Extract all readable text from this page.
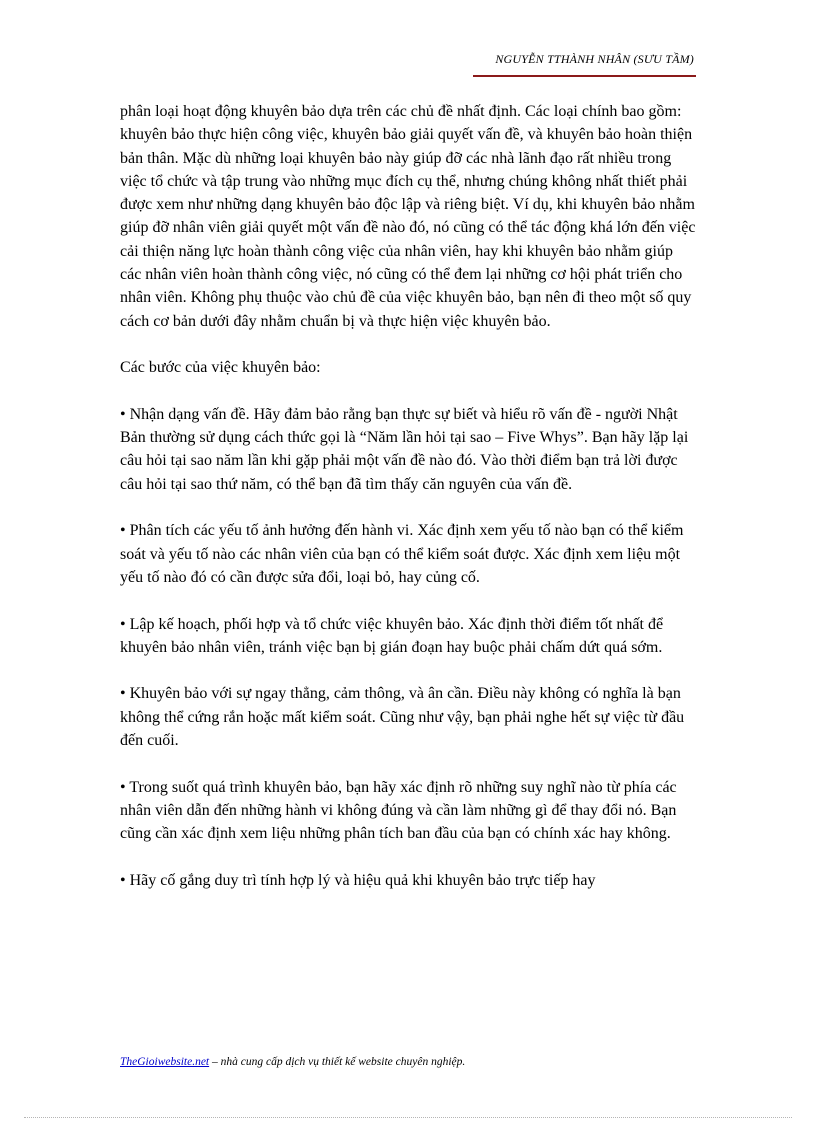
NGUYỄN TTHÀNH NHÂN (SƯU TẦM)

phân loại hoạt động khuyên bảo dựa trên các chủ đề nhất định. Các loại chính bao gồm: khuyên bảo thực hiện công việc, khuyên bảo giải quyết vấn đề, và khuyên bảo hoàn thiện bản thân. Mặc dù những loại khuyên bảo này giúp đỡ các nhà lãnh đạo rất nhiều trong việc tổ chức và tập trung vào những mục đích cụ thể, nhưng chúng không nhất thiết phải được xem như những dạng khuyên bảo độc lập và riêng biệt. Ví dụ, khi khuyên bảo nhằm giúp đỡ nhân viên giải quyết một vấn đề nào đó, nó cũng có thể tác động khá lớn đến việc cải thiện năng lực hoàn thành công việc của nhân viên, hay khi khuyên bảo nhằm giúp các nhân viên hoàn thành công việc, nó cũng có thể đem lại những cơ hội phát triển cho nhân viên. Không phụ thuộc vào chủ đề của việc khuyên bảo, bạn nên đi theo một số quy cách cơ bản dưới đây nhằm chuẩn bị và thực hiện việc khuyên bảo.

Các bước của việc khuyên bảo:

• Nhận dạng vấn đề. Hãy đảm bảo rằng bạn thực sự biết và hiểu rõ vấn đề - người Nhật Bản thường sử dụng cách thức gọi là “Năm lần hỏi tại sao – Five Whys”. Bạn hãy lặp lại câu hỏi tại sao năm lần khi gặp phải một vấn đề nào đó. Vào thời điểm bạn trả lời được câu hỏi tại sao thứ năm, có thể bạn đã tìm thấy căn nguyên của vấn đề.

• Phân tích các yếu tố ảnh hưởng đến hành vi. Xác định xem yếu tố nào bạn có thể kiểm soát và yếu tố nào các nhân viên của bạn có thể kiểm soát được. Xác định xem liệu một yếu tố nào đó có cần được sửa đổi, loại bỏ, hay củng cố.

• Lập kế hoạch, phối hợp và tổ chức việc khuyên bảo. Xác định thời điểm tốt nhất để khuyên bảo nhân viên, tránh việc bạn bị gián đoạn hay buộc phải chấm dứt quá sớm.

• Khuyên bảo với sự ngay thẳng, cảm thông, và ân cần. Điều này không có nghĩa là bạn không thể cứng rắn hoặc mất kiểm soát. Cũng như vậy, bạn phải nghe hết sự việc từ đầu đến cuối.

• Trong suốt quá trình khuyên bảo, bạn hãy xác định rõ những suy nghĩ nào từ phía các nhân viên dẫn đến những hành vi không đúng và cần làm những gì để thay đổi nó. Bạn cũng cần xác định xem liệu những phân tích ban đầu của bạn có chính xác hay không.

• Hãy cố gắng duy trì tính hợp lý và hiệu quả khi khuyên bảo trực tiếp hay

TheGioiwebsite.net – nhà cung cấp dịch vụ thiết kế website chuyên nghiệp.
